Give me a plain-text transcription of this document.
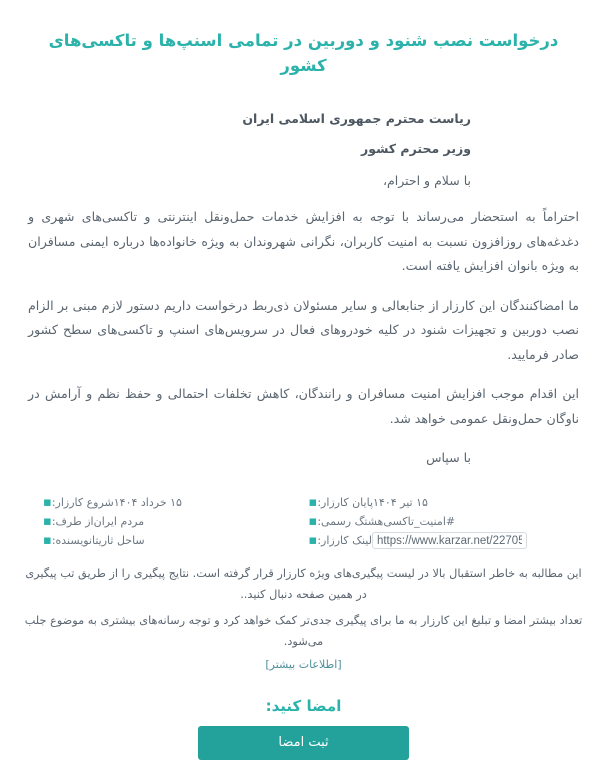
درخواست نصب شنود و دوربین در تمامی اسنپ‌ها و تاکسی‌های کشور
ریاست محترم جمهوری اسلامی ایران
وزیر محترم کشور
با سلام و احترام،

احتراماً به استحضار می‌رساند با توجه به افزایش خدمات حمل‌ونقل اینترنتی و تاکسی‌های شهری و دغدغه‌های روزافزون نسبت به امنیت کاربران، نگرانی شهروندان به ویژه خانواده‌ها درباره ایمنی مسافران به ویژه بانوان افزایش یافته است.

ما امضاکنندگان این کارزار از جنابعالی و سایر مسئولان ذی‌ربط درخواست داریم دستور لازم مبنی بر الزام نصب دوربین و تجهیزات شنود در کلیه خودروهای فعال در سرویس‌های اسنپ و تاکسی‌های سطح کشور صادر فرمایید.

این اقدام موجب افزایش امنیت مسافران و رانندگان، کاهش تخلفات احتمالی و حفظ نظم و آرامش در ناوگان حمل‌ونقل عمومی خواهد شد.

با سپاس

۱۵ تیر ۱۴۰۴
پایان کارزار:
▪
#امنیت_تاکسی
هشتگ رسمی:
▪
https://www.karzar.net/227053
لینک کارزار:
▪
۱۵ خرداد ۱۴۰۴
شروع کارزار:
▪
مردم ایران
از طرف:
▪
ساحل ثاریتا
نویسنده:
▪

این مطالبه به خاطر استقبال بالا در لیست پیگیری‌های ویژه کارزار قرار گرفته است. نتایج پیگیری را از طریق تب پیگیری در همین صفحه دنبال کنید..

تعداد بیشتر امضا و تبلیغ این کارزار به ما برای پیگیری جدی‌تر کمک خواهد کرد و توجه رسانه‌های بیشتری به موضوع جلب می‌شود.

[اطلاعات بیشتر]
امضا کنید:
ثبت امضا
